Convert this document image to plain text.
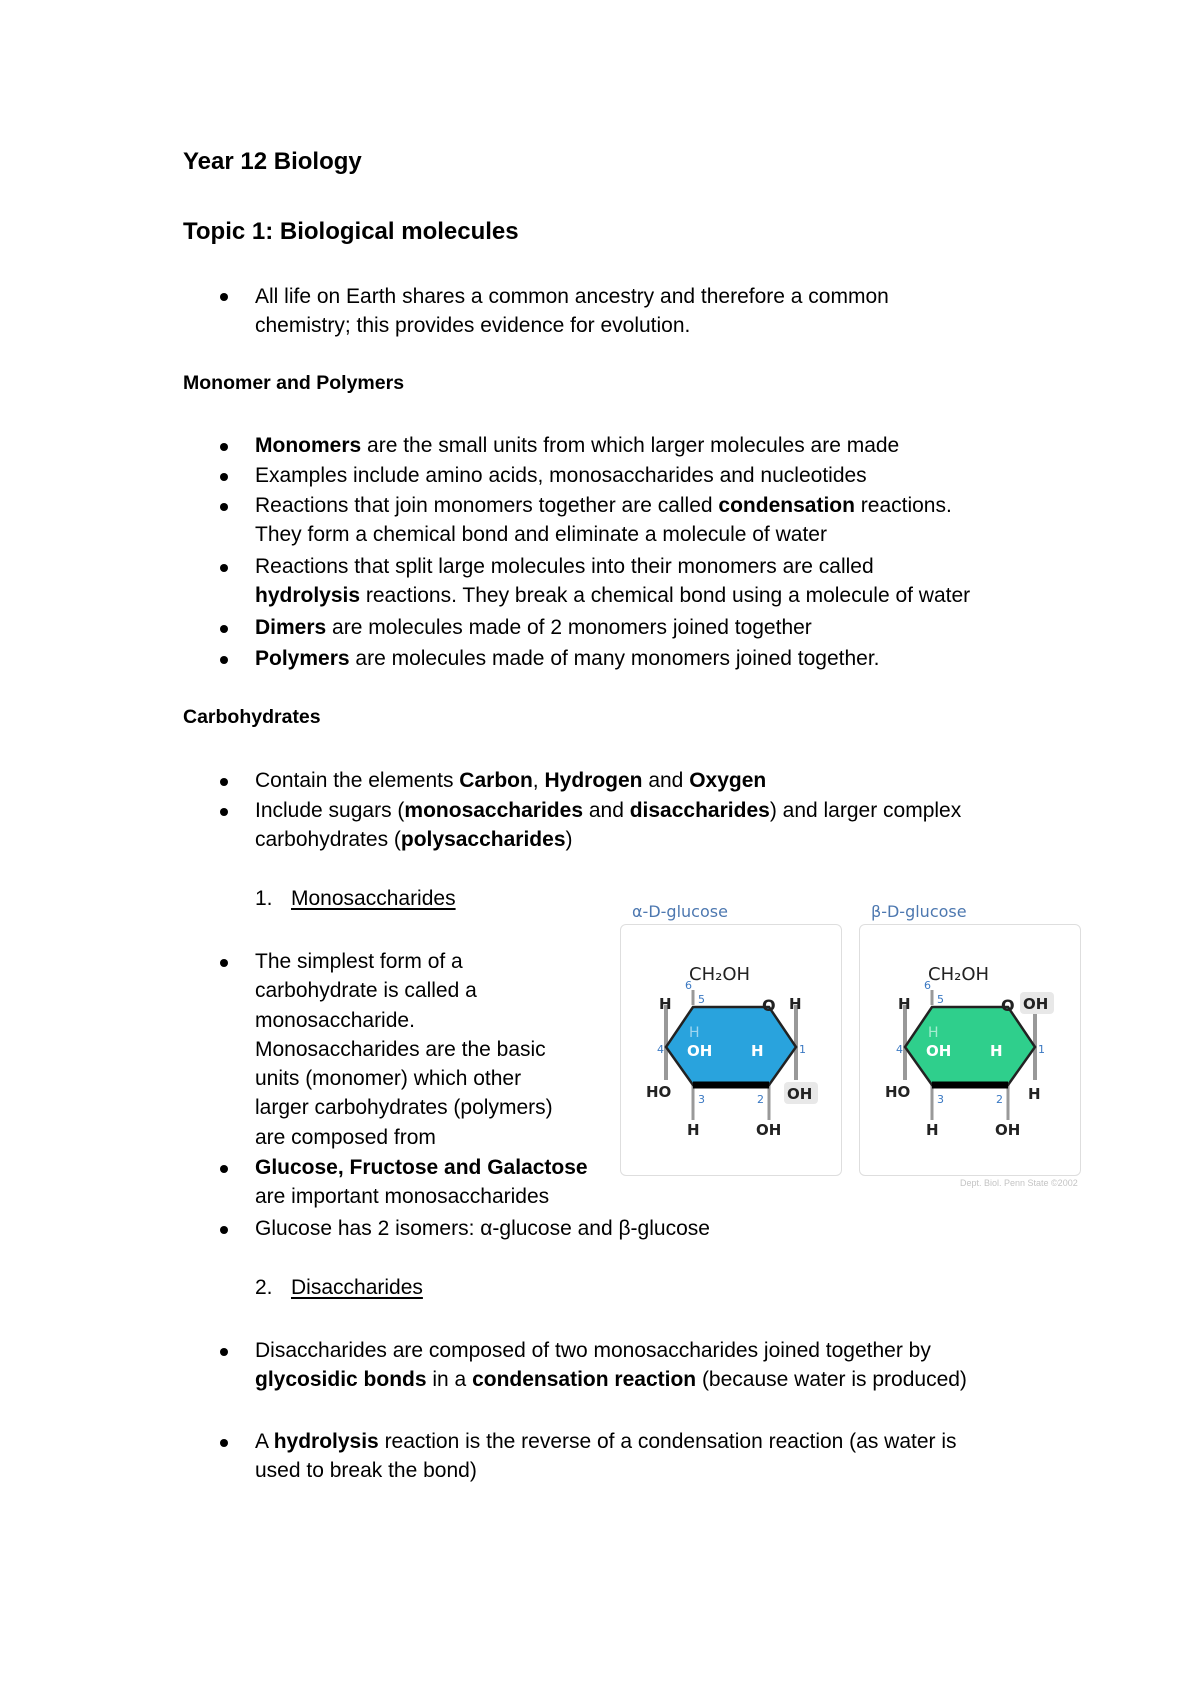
Year 12 Biology
Topic 1: Biological molecules
All life on Earth shares a common ancestry and therefore a common
chemistry; this provides evidence for evolution.
Monomer and Polymers
Monomers are the small units from which larger molecules are made
Examples include amino acids, monosaccharides and nucleotides
Reactions that join monomers together are called condensation reactions.
They form a chemical bond and eliminate a molecule of water
Reactions that split large molecules into their monomers are called
hydrolysis reactions. They break a chemical bond using a molecule of water
Dimers are molecules made of 2 monomers joined together
Polymers are molecules made of many monomers joined together.
Carbohydrates
Contain the elements Carbon, Hydrogen and Oxygen
Include sugars (monosaccharides and disaccharides) and larger complex
carbohydrates (polysaccharides)
1. Monosaccharides
The simplest form of a
carbohydrate is called a
monosaccharide.
Monosaccharides are the basic
units (monomer) which other
larger carbohydrates (polymers)
are composed from
Glucose, Fructose and Galactose
are important monosaccharides
Glucose has 2 isomers: α-glucose and β-glucose
2. Disaccharides
Disaccharides are composed of two monosaccharides joined together by
glycosidic bonds in a condensation reaction (because water is produced)
A hydrolysis reaction is the reverse of a condensation reaction (as water is
used to break the bond)
α-D-glucose	β-D-glucose
CH₂OH
6
5
4
3	2
1
O
H	H
H
OH	H
HO	OH
H	OH
CH₂OH
6
5
4
3	2
1
O
H	OH
H
OH	H
HO	H
H	OH
Dept. Biol. Penn State ©2002
